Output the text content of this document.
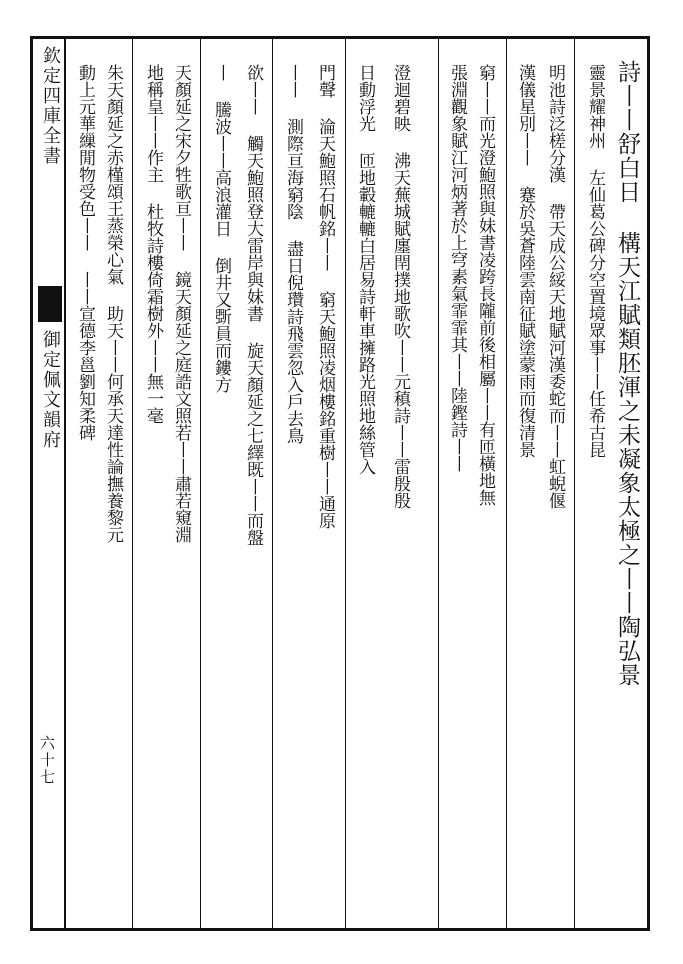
欽定四庫全書
御定佩文韻府
六十七
詩丨丨舒白日 構天江賦類胚渾之未凝象太極之丨丨陶弘景
靈景耀神州 左仙葛公碑分空置境眾事丨丨任希古昆
明池詩泛槎分漢 帶天成公綏天地賦河漢委蛇而丨丨虹蜺偃
漢儀星別丨丨 蹇於吳蒼陸雲南征賦塗蒙雨而復清景
窮丨丨而光澄鮑照與妹書凌跨長隴前後相屬丨丨有匝橫地無
張淵觀象賦江河炳著於上穹素氣霏霏其丨丨陸鏗詩丨丨
澄迴碧映 沸天蕪城賦廛閈撲地歌吹丨丨元稹詩丨丨雷殷殷
日動浮光 匝地轂轆轆白居易詩軒車擁路光照地絲管入
門聲 淪天鮑照石帆銘丨丨 窮天鮑照凌烟樓銘重樹丨丨通原
丨丨 測際亘海窮陰 盡日倪瓚詩飛雲忽入戶去鳥
欲丨丨 觸天鮑照登大雷岸與妹書 旋天顏延之七繹既丨丨而盤
丨 騰波丨丨高浪灌日 倒井又斲員而鏤方
天顏延之宋夕牲歌亘丨丨 鏡天顏延之庭誥文照若丨丨肅若窺淵
地稱皇丨丨作主 杜牧詩樓倚霜樹外丨丨無一毫
朱天顏延之赤槿頌王蒸榮心氣 助天丨丨何承天達性論撫養黎元
動上元華繅閒物受色丨丨 丨丨宣德李邕劉知柔碑
